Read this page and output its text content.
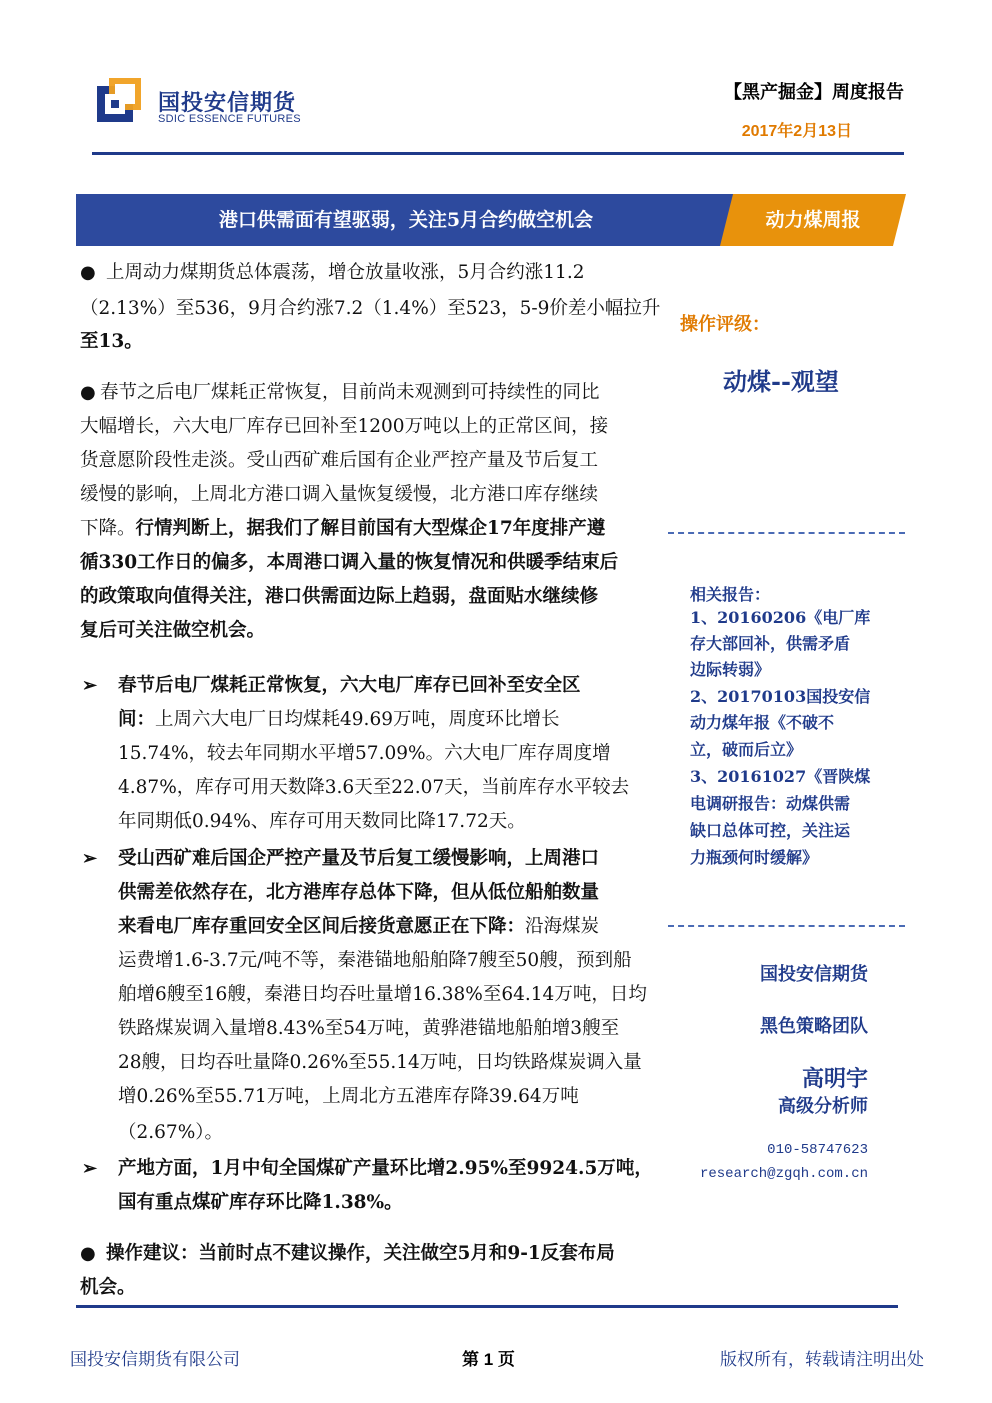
国投安信期货
SDIC ESSENCE FUTURES
【黑产掘金】周度报告
2017年2月13日
港口供需面有望驱弱，关注5月合约做空机会	动力煤周报
● 上周动力煤期货总体震荡，增仓放量收涨，5月合约涨11.2
（2.13%）至536，9月合约涨7.2（1.4%）至523，5-9价差小幅拉升
至13。
● 春节之后电厂煤耗正常恢复，目前尚未观测到可持续性的同比
大幅增长，六大电厂库存已回补至1200万吨以上的正常区间，接
货意愿阶段性走淡。受山西矿难后国有企业严控产量及节后复工
缓慢的影响，上周北方港口调入量恢复缓慢，北方港口库存继续
下降。行情判断上，据我们了解目前国有大型煤企17年度排产遵
循330工作日的偏多，本周港口调入量的恢复情况和供暖季结束后
的政策取向值得关注，港口供需面边际上趋弱，盘面贴水继续修
复后可关注做空机会。
➢ 春节后电厂煤耗正常恢复，六大电厂库存已回补至安全区
间：上周六大电厂日均煤耗49.69万吨，周度环比增长
15.74%，较去年同期水平增57.09%。六大电厂库存周度增
4.87%，库存可用天数降3.6天至22.07天，当前库存水平较去
年同期低0.94%、库存可用天数同比降17.72天。
➢ 受山西矿难后国企严控产量及节后复工缓慢影响，上周港口
供需差依然存在，北方港库存总体下降，但从低位船舶数量
来看电厂库存重回安全区间后接货意愿正在下降：沿海煤炭
运费增1.6-3.7元/吨不等，秦港锚地船舶降7艘至50艘，预到船
舶增6艘至16艘，秦港日均吞吐量增16.38%至64.14万吨，日均
铁路煤炭调入量增8.43%至54万吨，黄骅港锚地船舶增3艘至
28艘，日均吞吐量降0.26%至55.14万吨，日均铁路煤炭调入量
增0.26%至55.71万吨，上周北方五港库存降39.64万吨
（2.67%）。
➢ 产地方面，1月中旬全国煤矿产量环比增2.95%至9924.5万吨，
国有重点煤矿库存环比降1.38%。
● 操作建议：当前时点不建议操作，关注做空5月和9-1反套布局
机会。
操作评级：
动煤--观望
相关报告：
1、20160206《电厂库
存大部回补，供需矛盾
边际转弱》
2、20170103国投安信
动力煤年报《不破不
立，破而后立》
3、20161027《晋陕煤
电调研报告：动煤供需
缺口总体可控，关注运
力瓶颈何时缓解》
国投安信期货
黑色策略团队
高明宇
高级分析师
010-58747623
research@zgqh.com.cn
国投安信期货有限公司	第 1 页	版权所有，转载请注明出处
